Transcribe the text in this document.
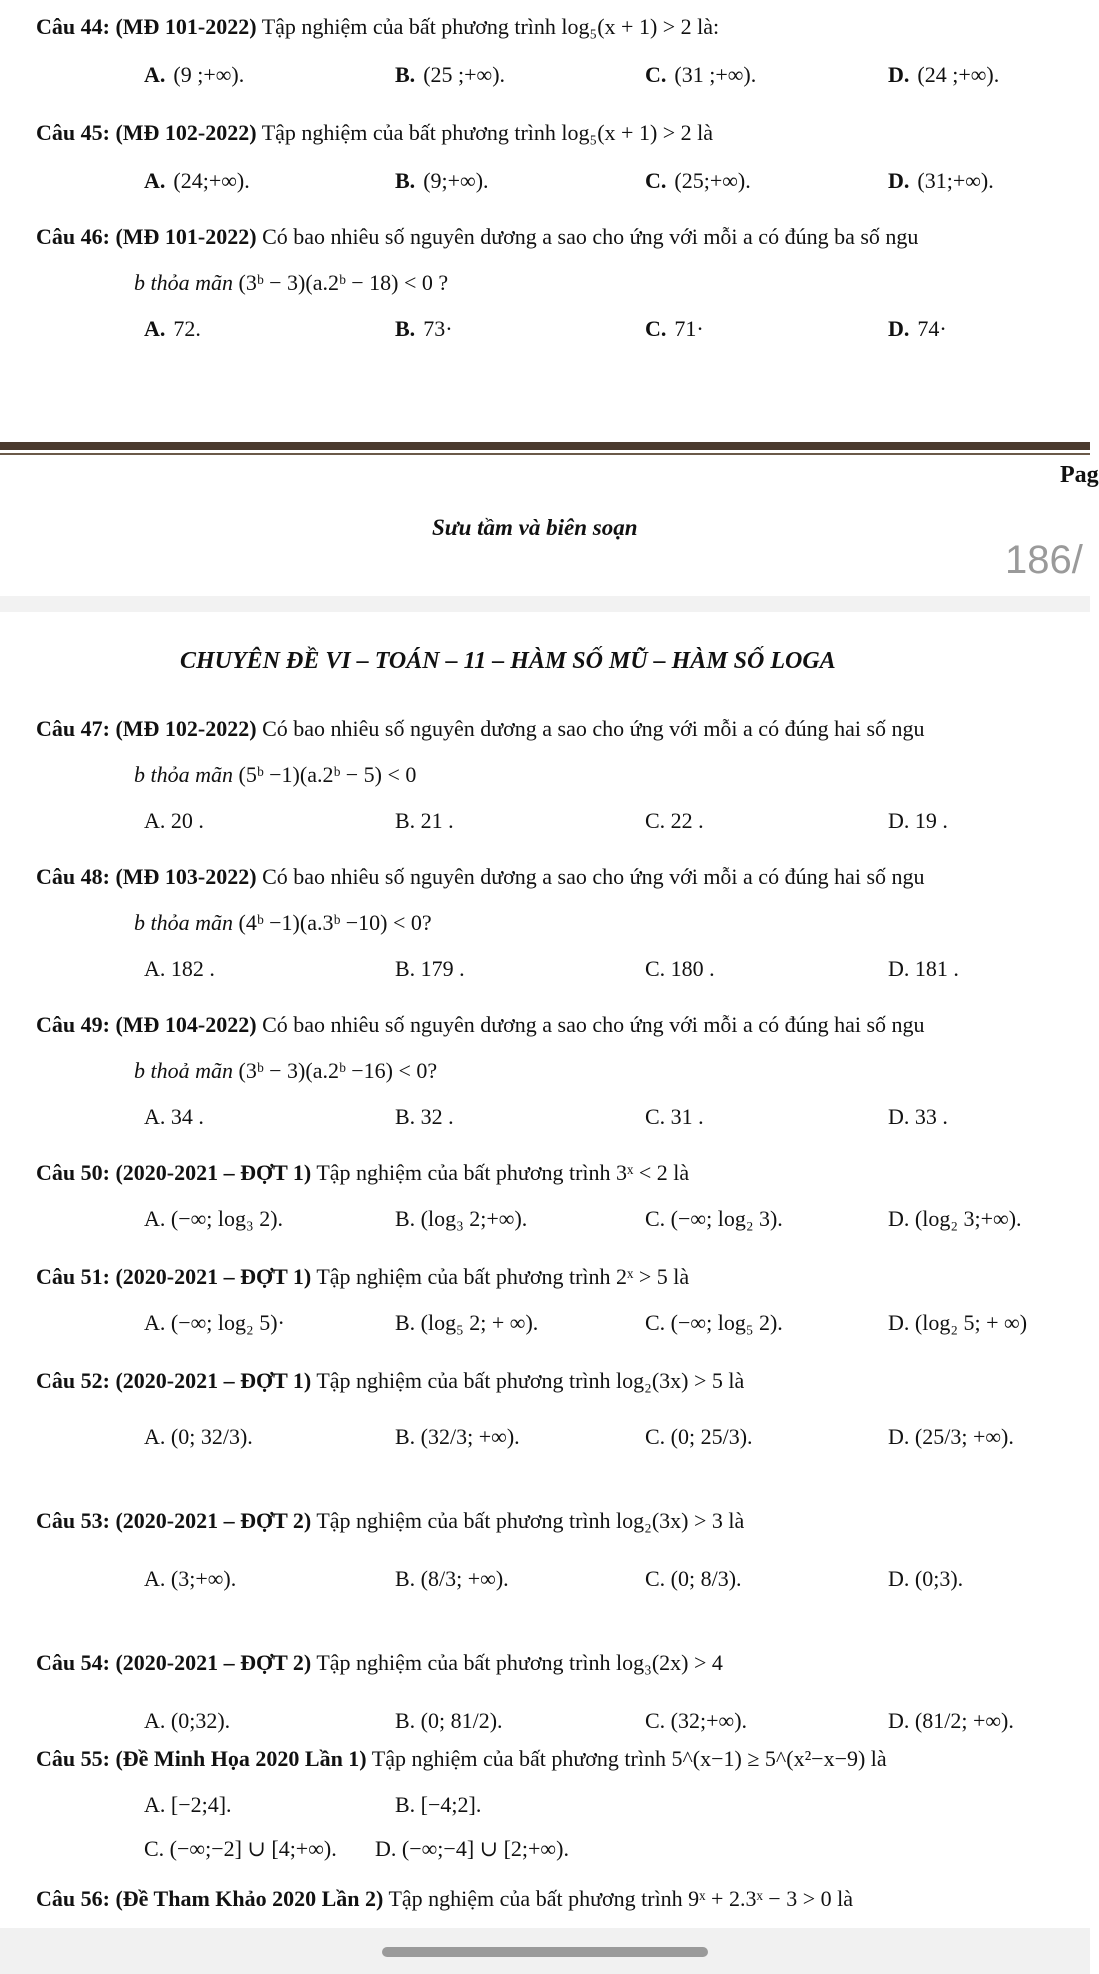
Câu 44: (MĐ 101-2022) Tập nghiệm của bất phương trình log₅(x + 1) > 2 là:
A. (9 ;+∞).	B. (25 ;+∞).	C. (31 ;+∞).	D. (24 ;+∞).
Câu 45: (MĐ 102-2022) Tập nghiệm của bất phương trình log₅(x + 1) > 2 là
A. (24;+∞).	B. (9;+∞).	C. (25;+∞).	D. (31;+∞).
Câu 46: (MĐ 101-2022) Có bao nhiêu số nguyên dương a sao cho ứng với mỗi a có đúng ba số ngu
b thỏa mãn (3ᵇ − 3)(a.2ᵇ − 18) < 0 ?
A. 72.	B. 73·	C. 71·	D. 74·
Pag
Sưu tầm và biên soạn
186/
CHUYÊN ĐỀ VI – TOÁN – 11 – HÀM SỐ MŨ – HÀM SỐ LOGA
Câu 47: (MĐ 102-2022) Có bao nhiêu số nguyên dương a sao cho ứng với mỗi a có đúng hai số ngu
b thỏa mãn (5ᵇ −1)(a.2ᵇ − 5) < 0
A. 20 .	B. 21 .	C. 22 .	D. 19 .
Câu 48: (MĐ 103-2022) Có bao nhiêu số nguyên dương a sao cho ứng với mỗi a có đúng hai số ngu
b thỏa mãn (4ᵇ −1)(a.3ᵇ −10) < 0?
A. 182 .	B. 179 .	C. 180 .	D. 181 .
Câu 49: (MĐ 104-2022) Có bao nhiêu số nguyên dương a sao cho ứng với mỗi a có đúng hai số ngu
b thoả mãn (3ᵇ − 3)(a.2ᵇ −16) < 0?
A. 34 .	B. 32 .	C. 31 .	D. 33 .
Câu 50: (2020-2021 – ĐỢT 1) Tập nghiệm của bất phương trình 3ˣ < 2 là
A. (−∞; log₃ 2).	B. (log₃ 2;+∞).	C. (−∞; log₂ 3).	D. (log₂ 3;+∞).
Câu 51: (2020-2021 – ĐỢT 1) Tập nghiệm của bất phương trình 2ˣ > 5 là
A. (−∞; log₂ 5)·	B. (log₅ 2; + ∞).	C. (−∞; log₅ 2).	D. (log₂ 5; + ∞)
Câu 52: (2020-2021 – ĐỢT 1) Tập nghiệm của bất phương trình log₂(3x) > 5 là
A. (0; 32/3).	B. (32/3; +∞).	C. (0; 25/3).	D. (25/3; +∞).
Câu 53: (2020-2021 – ĐỢT 2) Tập nghiệm của bất phương trình log₂(3x) > 3 là
A. (3;+∞).	B. (8/3; +∞).	C. (0; 8/3).	D. (0;3).
Câu 54: (2020-2021 – ĐỢT 2) Tập nghiệm của bất phương trình log₃(2x) > 4
A. (0;32).	B. (0; 81/2).	C. (32;+∞).	D. (81/2; +∞).
Câu 55: (Đề Minh Họa 2020 Lần 1) Tập nghiệm của bất phương trình 5^(x−1) ≥ 5^(x²−x−9) là
A. [−2;4].	B. [−4;2].
C. (−∞;−2] ∪ [4;+∞). D. (−∞;−4] ∪ [2;+∞).
Câu 56: (Đề Tham Khảo 2020 Lần 2) Tập nghiệm của bất phương trình 9ˣ + 2.3ˣ − 3 > 0 là
